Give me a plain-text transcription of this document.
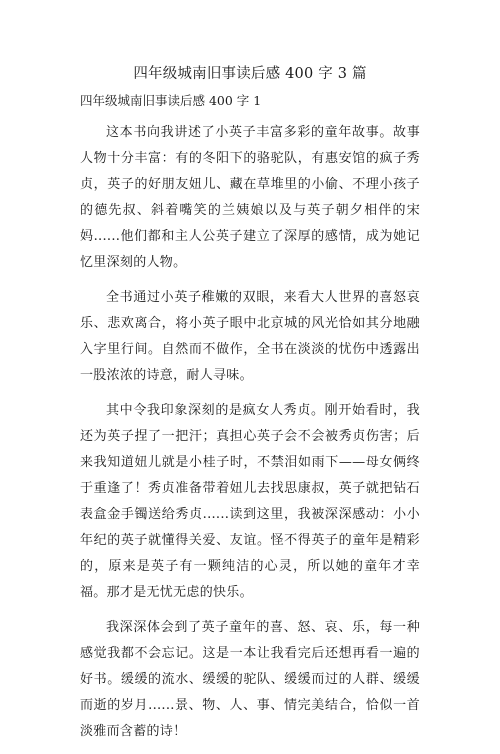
四年级城南旧事读后感 400 字 3 篇

四年级城南旧事读后感 400 字 1

这本书向我讲述了小英子丰富多彩的童年故事。故事人物十分丰富：有的冬阳下的骆驼队，有惠安馆的疯子秀贞，英子的好朋友妞儿、藏在草堆里的小偷、不理小孩子的德先叔、斜着嘴笑的兰姨娘以及与英子朝夕相伴的宋妈......他们都和主人公英子建立了深厚的感情，成为她记忆里深刻的人物。

全书通过小英子稚嫩的双眼，来看大人世界的喜怒哀乐、悲欢离合，将小英子眼中北京城的风光恰如其分地融入字里行间。自然而不做作，全书在淡淡的忧伤中透露出一股浓浓的诗意，耐人寻味。

其中令我印象深刻的是疯女人秀贞。刚开始看时，我还为英子捏了一把汗；真担心英子会不会被秀贞伤害；后来我知道妞儿就是小桂子时，不禁泪如雨下——母女俩终于重逢了！秀贞准备带着妞儿去找思康叔，英子就把钻石表盒金手镯送给秀贞......读到这里，我被深深感动：小小年纪的英子就懂得关爱、友谊。怪不得英子的童年是精彩的，原来是英子有一颗纯洁的心灵，所以她的童年才幸福。那才是无忧无虑的快乐。

我深深体会到了英子童年的喜、怒、哀、乐，每一种感觉我都不会忘记。这是一本让我看完后还想再看一遍的好书。缓缓的流水、缓缓的驼队、缓缓而过的人群、缓缓而逝的岁月......景、物、人、事、情完美结合，恰似一首淡雅而含蓄的诗！
